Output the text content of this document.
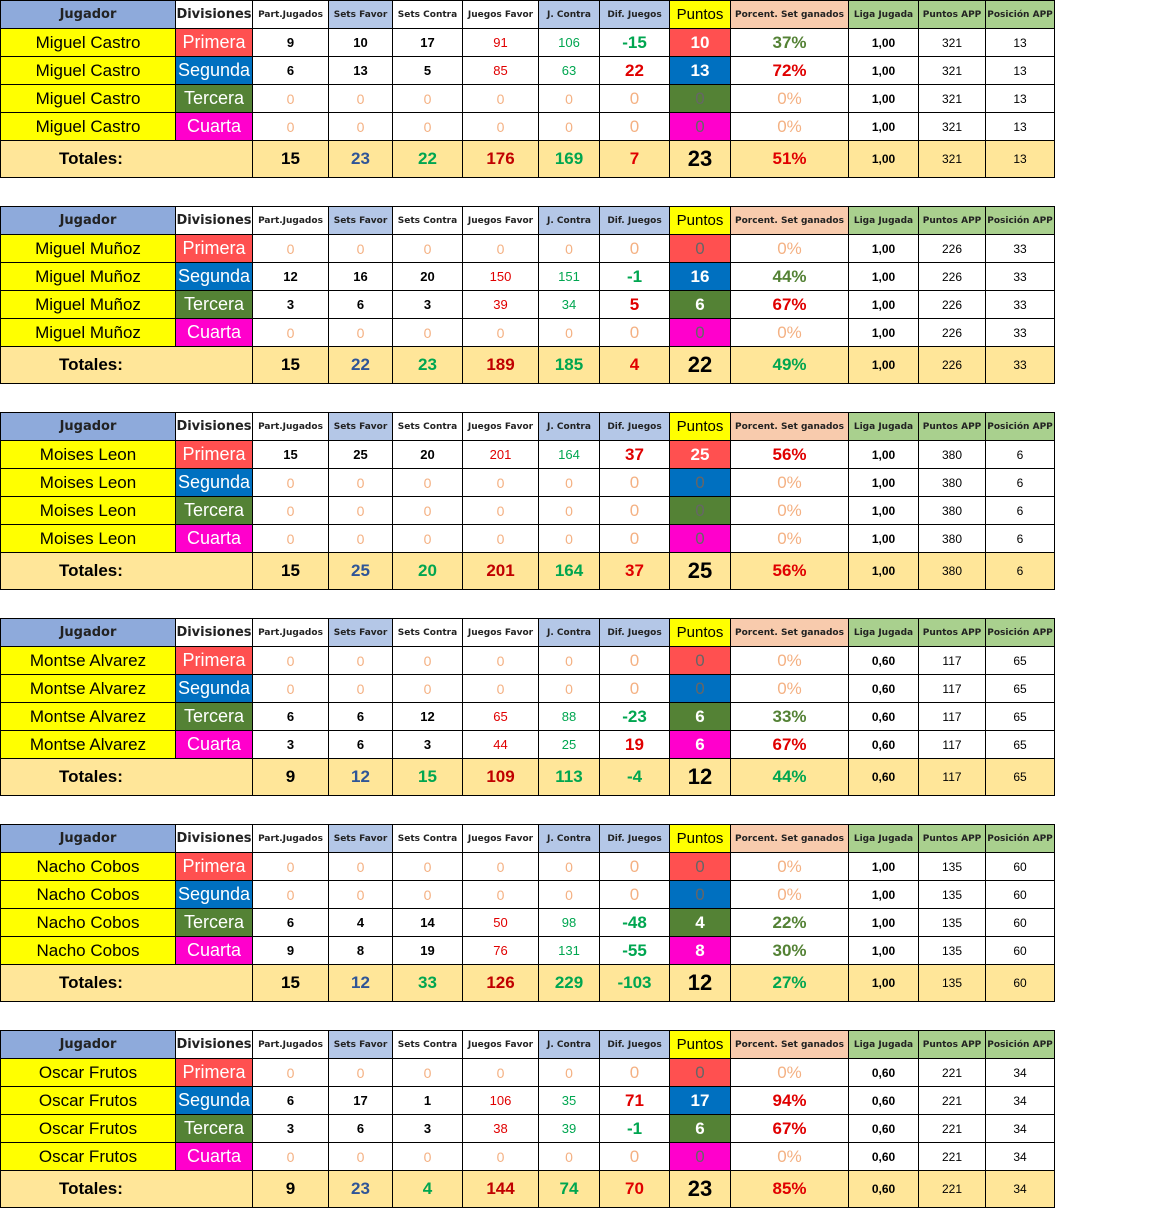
Jugador	Divisiones	Part.Jugados	Sets Favor	Sets Contra	Juegos Favor	J. Contra	Dif. Juegos	Puntos	Porcent. Set ganados	Liga Jugada	Puntos APP	Posición APP
Miguel Castro	Primera	9	10	17	91	106	-15	10	37%	1,00	321	13
Miguel Castro	Segunda	6	13	5	85	63	22	13	72%	1,00	321	13
Miguel Castro	Tercera	0	0	0	0	0	0	0	0%	1,00	321	13
Miguel Castro	Cuarta	0	0	0	0	0	0	0	0%	1,00	321	13
Totales:		15	23	22	176	169	7	23	51%	1,00	321	13
Jugador	Divisiones	Part.Jugados	Sets Favor	Sets Contra	Juegos Favor	J. Contra	Dif. Juegos	Puntos	Porcent. Set ganados	Liga Jugada	Puntos APP	Posición APP
Miguel Muñoz	Primera	0	0	0	0	0	0	0	0%	1,00	226	33
Miguel Muñoz	Segunda	12	16	20	150	151	-1	16	44%	1,00	226	33
Miguel Muñoz	Tercera	3	6	3	39	34	5	6	67%	1,00	226	33
Miguel Muñoz	Cuarta	0	0	0	0	0	0	0	0%	1,00	226	33
Totales:		15	22	23	189	185	4	22	49%	1,00	226	33
Jugador	Divisiones	Part.Jugados	Sets Favor	Sets Contra	Juegos Favor	J. Contra	Dif. Juegos	Puntos	Porcent. Set ganados	Liga Jugada	Puntos APP	Posición APP
Moises Leon	Primera	15	25	20	201	164	37	25	56%	1,00	380	6
Moises Leon	Segunda	0	0	0	0	0	0	0	0%	1,00	380	6
Moises Leon	Tercera	0	0	0	0	0	0	0	0%	1,00	380	6
Moises Leon	Cuarta	0	0	0	0	0	0	0	0%	1,00	380	6
Totales:		15	25	20	201	164	37	25	56%	1,00	380	6
Jugador	Divisiones	Part.Jugados	Sets Favor	Sets Contra	Juegos Favor	J. Contra	Dif. Juegos	Puntos	Porcent. Set ganados	Liga Jugada	Puntos APP	Posición APP
Montse Alvarez	Primera	0	0	0	0	0	0	0	0%	0,60	117	65
Montse Alvarez	Segunda	0	0	0	0	0	0	0	0%	0,60	117	65
Montse Alvarez	Tercera	6	6	12	65	88	-23	6	33%	0,60	117	65
Montse Alvarez	Cuarta	3	6	3	44	25	19	6	67%	0,60	117	65
Totales:		9	12	15	109	113	-4	12	44%	0,60	117	65
Jugador	Divisiones	Part.Jugados	Sets Favor	Sets Contra	Juegos Favor	J. Contra	Dif. Juegos	Puntos	Porcent. Set ganados	Liga Jugada	Puntos APP	Posición APP
Nacho Cobos	Primera	0	0	0	0	0	0	0	0%	1,00	135	60
Nacho Cobos	Segunda	0	0	0	0	0	0	0	0%	1,00	135	60
Nacho Cobos	Tercera	6	4	14	50	98	-48	4	22%	1,00	135	60
Nacho Cobos	Cuarta	9	8	19	76	131	-55	8	30%	1,00	135	60
Totales:		15	12	33	126	229	-103	12	27%	1,00	135	60
Jugador	Divisiones	Part.Jugados	Sets Favor	Sets Contra	Juegos Favor	J. Contra	Dif. Juegos	Puntos	Porcent. Set ganados	Liga Jugada	Puntos APP	Posición APP
Oscar Frutos	Primera	0	0	0	0	0	0	0	0%	0,60	221	34
Oscar Frutos	Segunda	6	17	1	106	35	71	17	94%	0,60	221	34
Oscar Frutos	Tercera	3	6	3	38	39	-1	6	67%	0,60	221	34
Oscar Frutos	Cuarta	0	0	0	0	0	0	0	0%	0,60	221	34
Totales:		9	23	4	144	74	70	23	85%	0,60	221	34
